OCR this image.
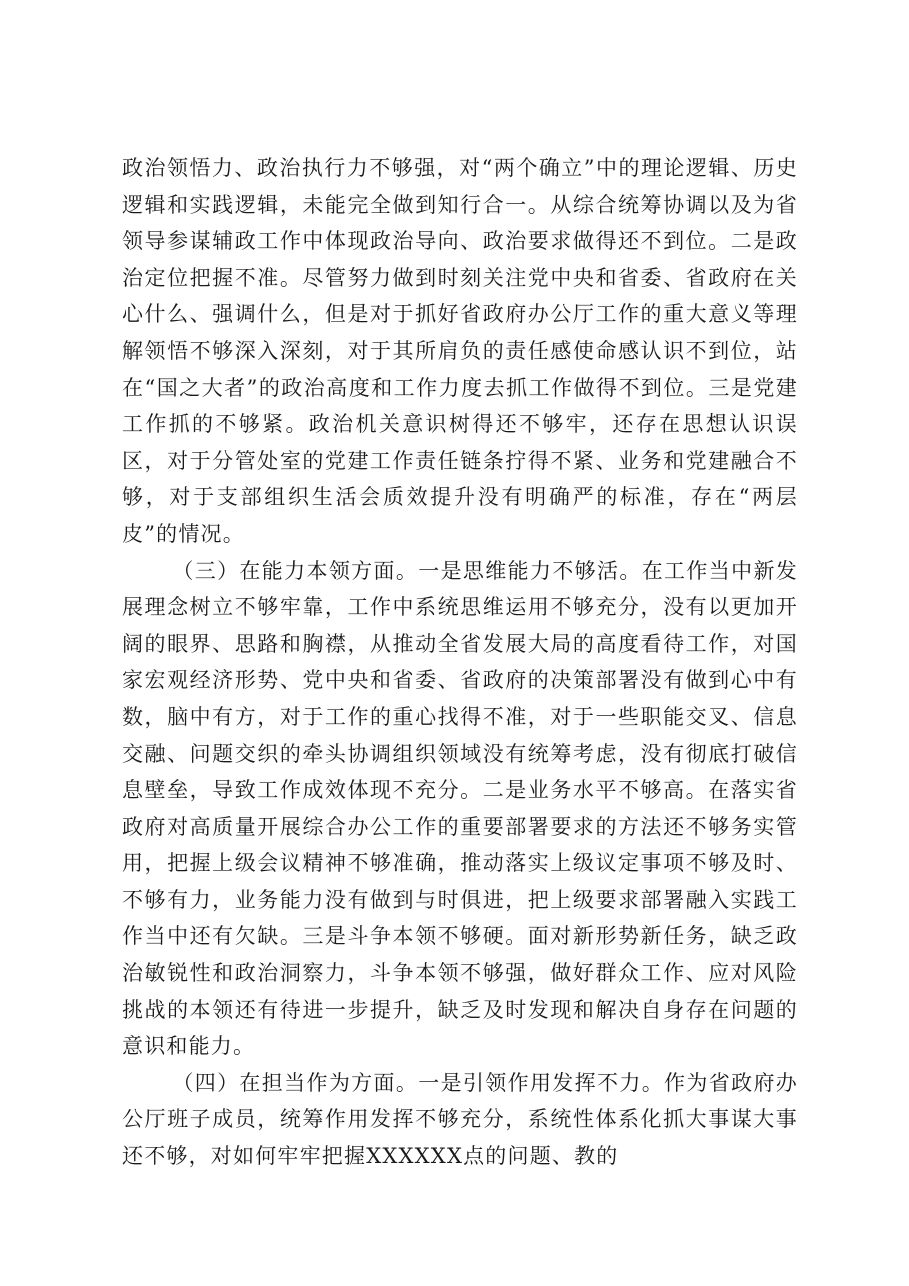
政治领悟力、政治执行力不够强，对“两个确立”中的理论逻辑、历史逻辑和实践逻辑，未能完全做到知行合一。从综合统筹协调以及为省领导参谋辅政工作中体现政治导向、政治要求做得还不到位。二是政治定位把握不准。尽管努力做到时刻关注党中央和省委、省政府在关心什么、强调什么，但是对于抓好省政府办公厅工作的重大意义等理解领悟不够深入深刻，对于其所肩负的责任感使命感认识不到位，站在“国之大者”的政治高度和工作力度去抓工作做得不到位。三是党建工作抓的不够紧。政治机关意识树得还不够牢，还存在思想认识误区，对于分管处室的党建工作责任链条拧得不紧、业务和党建融合不够，对于支部组织生活会质效提升没有明确严的标准，存在“两层皮”的情况。

（三）在能力本领方面。一是思维能力不够活。在工作当中新发展理念树立不够牢靠，工作中系统思维运用不够充分，没有以更加开阔的眼界、思路和胸襟，从推动全省发展大局的高度看待工作，对国家宏观经济形势、党中央和省委、省政府的决策部署没有做到心中有数，脑中有方，对于工作的重心找得不准，对于一些职能交叉、信息交融、问题交织的牵头协调组织领域没有统筹考虑，没有彻底打破信息壁垒，导致工作成效体现不充分。二是业务水平不够高。在落实省政府对高质量开展综合办公工作的重要部署要求的方法还不够务实管用，把握上级会议精神不够准确，推动落实上级议定事项不够及时、不够有力，业务能力没有做到与时俱进，把上级要求部署融入实践工作当中还有欠缺。三是斗争本领不够硬。面对新形势新任务，缺乏政治敏锐性和政治洞察力，斗争本领不够强，做好群众工作、应对风险挑战的本领还有待进一步提升，缺乏及时发现和解决自身存在问题的意识和能力。

（四）在担当作为方面。一是引领作用发挥不力。作为省政府办公厅班子成员，统筹作用发挥不够充分，系统性体系化抓大事谋大事还不够，对如何牢牢把握XXXXXX点的问题、教的
